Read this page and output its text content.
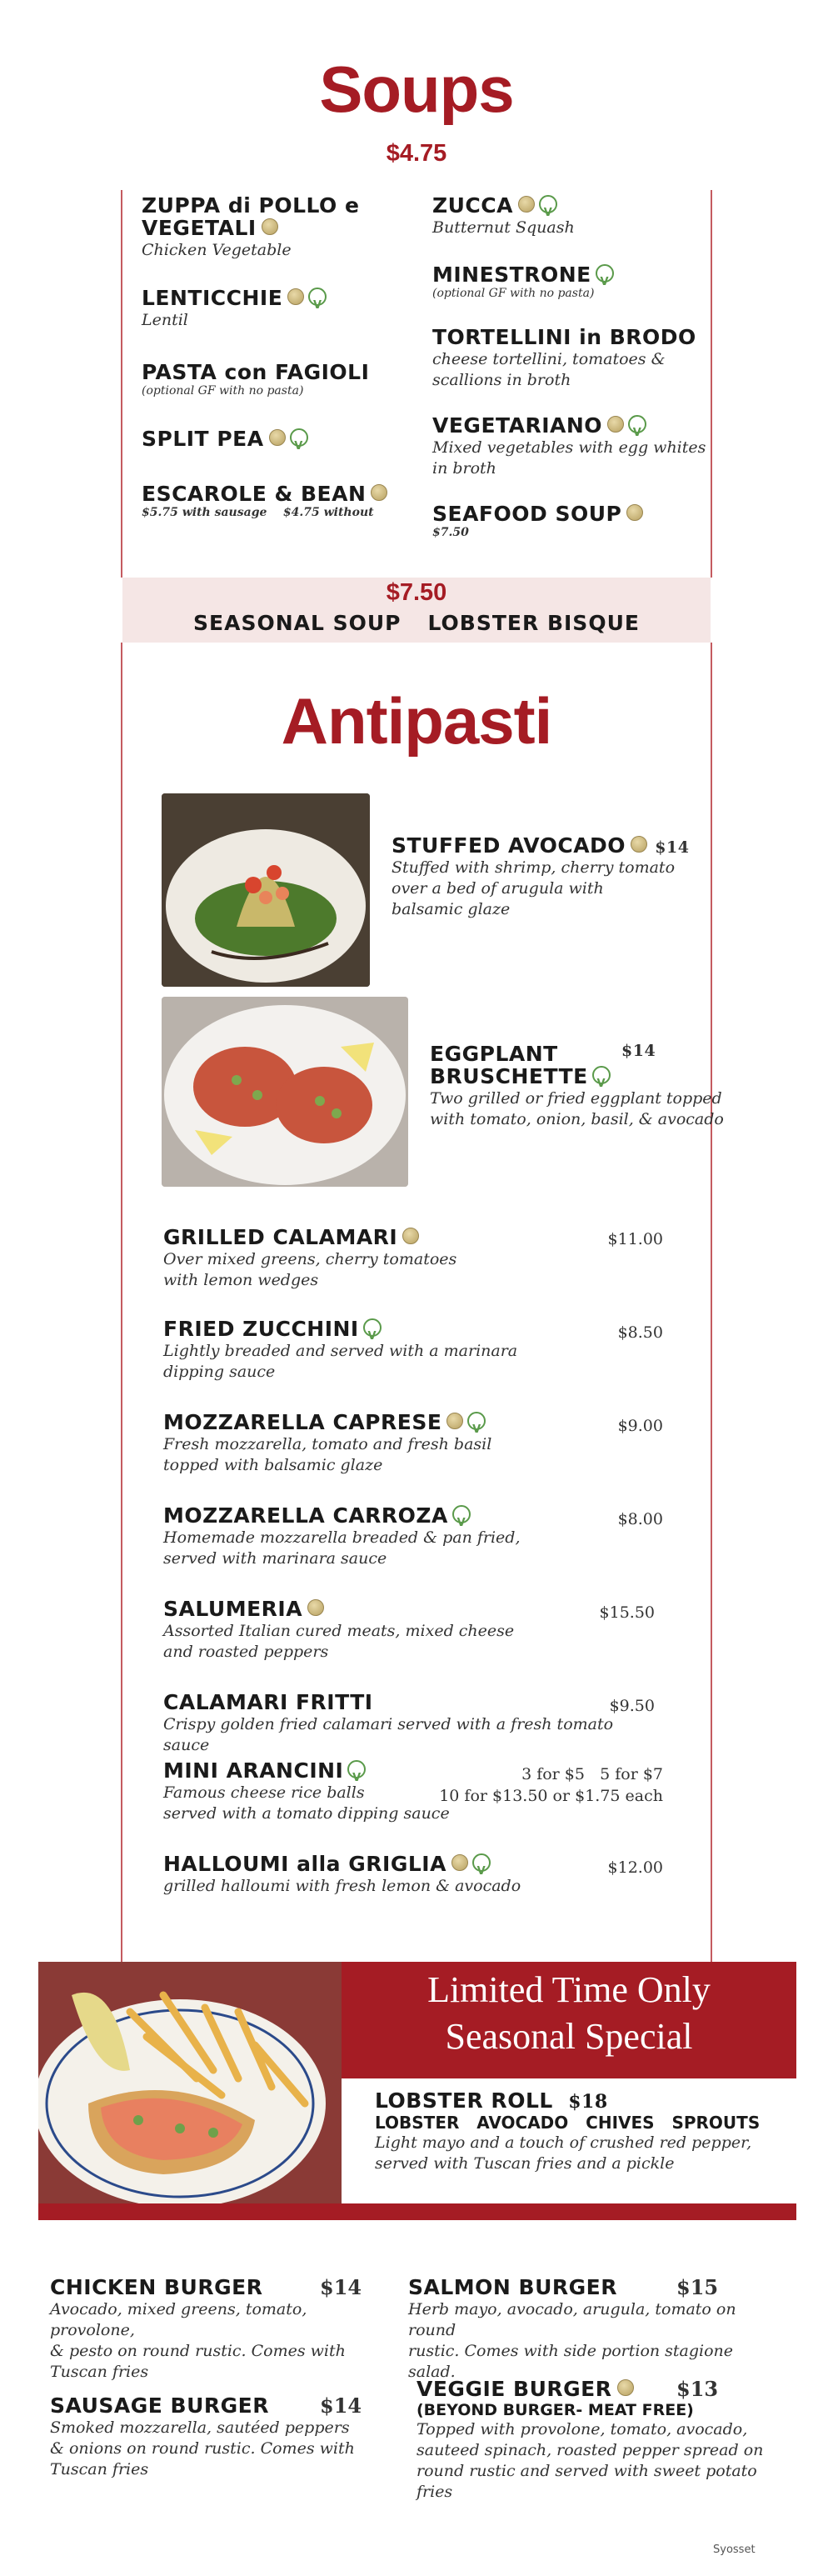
Soups
$4.75
ZUPPA di POLLO e
VEGETALI
Chicken Vegetable
LENTICCHIEV
Lentil
PASTA con FAGIOLI
(optional GF with no pasta)
SPLIT PEAV
ESCAROLE & BEAN
$5.75 with sausage    $4.75 without
ZUCCAV
Butternut Squash
MINESTRONEV
(optional GF with no pasta)
TORTELLINI in BRODO
cheese tortellini, tomatoes &
scallions in broth
VEGETARIANOV
Mixed vegetables with egg whites
in broth
SEAFOOD SOUP
$7.50
$7.50
SEASONAL SOUP LOBSTER BISQUE
Antipasti
STUFFED AVOCADO $14
Stuffed with shrimp, cherry tomato
over a bed of arugula with
balsamic glaze
EGGPLANT	$14
BRUSCHETTEV
Two grilled or fried eggplant topped
with tomato, onion, basil, & avocado
GRILLED CALAMARI	$11.00
Over mixed greens, cherry tomatoes
with lemon wedges
FRIED ZUCCHINI V	$8.50
Lightly breaded and served with a marinara
dipping sauce
MOZZARELLA CAPRESE V	$9.00
Fresh mozzarella, tomato and fresh basil
topped with balsamic glaze
MOZZARELLA CARROZA V	$8.00
Homemade mozzarella breaded & pan fried,
served with marinara sauce
SALUMERIA	$15.50
Assorted Italian cured meats, mixed cheese
and roasted peppers
CALAMARI FRITTI	$9.50
Crispy golden fried calamari served with a fresh tomato sauce
MINI ARANCINI V	3 for $5   5 for $7
10 for $13.50 or $1.75 each
Famous cheese rice balls
served with a tomato dipping sauce
HALLOUMI alla GRIGLIA V	$12.00
grilled halloumi with fresh lemon & avocado
Limited Time Only
Seasonal Special
LOBSTER ROLL $18
LOBSTER   AVOCADO   CHIVES   SPROUTS
Light mayo and a touch of crushed red pepper,
served with Tuscan fries and a pickle
CHICKEN BURGER	$14
Avocado, mixed greens, tomato, provolone,
& pesto on round rustic. Comes with
Tuscan fries
SALMON BURGER	$15
Herb mayo, avocado, arugula, tomato on round
rustic. Comes with side portion stagione salad.
SAUSAGE BURGER	$14
Smoked mozzarella, sautéed peppers
& onions on round rustic. Comes with
Tuscan fries
VEGGIE BURGER	$13
(BEYOND BURGER- MEAT FREE)
Topped with provolone, tomato, avocado,
sauteed spinach, roasted pepper spread on
round rustic and served with sweet potato fries
Syosset
